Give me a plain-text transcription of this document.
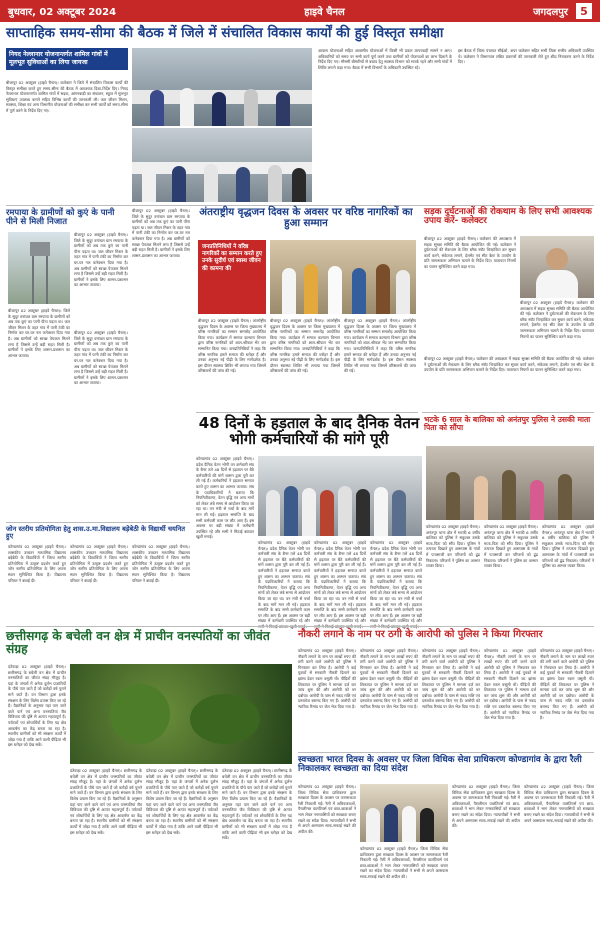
बुधवार, 02 अक्टूबर 2024	हाइवे चैनल	जगदलपुर	5
साप्ताहिक समय-सीमा की बैठक में जिले में संचालित विकास कार्यों की हुई विस्तृत समीक्षा
नियद नेल्लानार योजनान्तर्गत शामिल गांवों में मूलभूत सुविधाओं का लिया जायजा
बीजापुर 02 अक्टूबर (हाइवे चैनल)। कलेक्टर ने जिले में संचालित विकास कार्यों की विस्तृत समीक्षा करते हुए समय-सीमा की बैठक में आवश्यक दिशा-निर्देश दिए। नियद नेल्लानार योजनान्तर्गत शामिल गांवों में सड़क, आंगनबाड़ी का संचालन, स्कूल में मूलभूत सुविधाएं उपलब्ध कराने सहित विभिन्न कार्यों की जानकारी ली। जल जीवन मिशन, स्वास्थ्य, शिक्षा एवं अन्य विभागीय योजनाओं की समीक्षा कर सभी कार्यों को समय-सीमा में पूर्ण करने के निर्देश दिए गए।
आवास योजनाओं सहित आवासीय योजनाओं में किसी भी प्रकार लापरवाही सामने न आए। अधिकारियों को समय पर सभी कार्य पूर्ण करने तथा ग्रामीणों को योजनाओं का लाभ दिलाने के निर्देश दिए गए। मौसमी बीमारियों से बचाव हेतु स्वास्थ्य विभाग को सतर्क रहने और सभी गांवों में शिविर लगाने कहा गया। बैठक में सभी विभागों के अधिकारी उपस्थित रहे।
इस बैठक में जिला पंचायत सीईओ, अपर कलेक्टर सहित सभी जिला स्तरीय अधिकारी उपस्थित थे। कलेक्टर ने विभागवार लंबित प्रकरणों की जानकारी लेते हुए शीघ्र निराकरण करने के निर्देश दिए।
रमपाया के ग्रामीणों को कुएं के पानी पीने से मिली निजात
बीजापुर 02 अक्टूबर (हाइवे चैनल)। जिले के सुदूर वनांचल ग्राम रमपाया के ग्रामीणों को अब तक कुएं का पानी पीना पड़ता था। जल जीवन मिशन के तहत गांव में पानी टंकी का निर्माण कर घर-घर नल कनेक्शन दिया गया है। अब ग्रामीणों को स्वच्छ पेयजल मिलने लगा है जिससे उन्हें बड़ी राहत मिली है। ग्रामीणों ने इसके लिए शासन-प्रशासन का आभार जताया।
बीजापुर 02 अक्टूबर (हाइवे चैनल)। जिले के सुदूर वनांचल ग्राम रमपाया के ग्रामीणों को अब तक कुएं का पानी पीना पड़ता था। जल जीवन मिशन के तहत गांव में पानी टंकी का निर्माण कर घर-घर नल कनेक्शन दिया गया है। अब ग्रामीणों को स्वच्छ पेयजल मिलने लगा है जिससे उन्हें बड़ी राहत मिली है। ग्रामीणों ने इसके लिए शासन-प्रशासन का आभार जताया।
बीजापुर 02 अक्टूबर (हाइवे चैनल)। जिले के सुदूर वनांचल ग्राम रमपाया के ग्रामीणों को अब तक कुएं का पानी पीना पड़ता था। जल जीवन मिशन के तहत गांव में पानी टंकी का निर्माण कर घर-घर नल कनेक्शन दिया गया है। अब ग्रामीणों को स्वच्छ पेयजल मिलने लगा है जिससे उन्हें बड़ी राहत मिली है। ग्रामीणों ने इसके लिए शासन-प्रशासन का आभार जताया।
बीजापुर 02 अक्टूबर (हाइवे चैनल)। जिले के सुदूर वनांचल ग्राम रमपाया के ग्रामीणों को अब तक कुएं का पानी पीना पड़ता था। जल जीवन मिशन के तहत गांव में पानी टंकी का निर्माण कर घर-घर नल कनेक्शन दिया गया है। अब ग्रामीणों को स्वच्छ पेयजल मिलने लगा है जिससे उन्हें बड़ी राहत मिली है। ग्रामीणों ने इसके लिए शासन-प्रशासन का आभार जताया।
जोन स्तरीय प्रतियोगिता हेतु शास.उ.मा.विद्यालय बड़ेबेठी के विद्यार्थी चयनित हुए
कोण्डागांव 02 अक्टूबर (हाइवे चैनल)। शासकीय उच्चतर माध्यमिक विद्यालय बड़ेबेठी के विद्यार्थियों ने जिला स्तरीय प्रतियोगिता में उत्कृष्ट प्रदर्शन करते हुए जोन स्तरीय प्रतियोगिता के लिए अपना स्थान सुनिश्चित किया है। विद्यालय परिवार ने बधाई दी।
कोण्डागांव 02 अक्टूबर (हाइवे चैनल)। शासकीय उच्चतर माध्यमिक विद्यालय बड़ेबेठी के विद्यार्थियों ने जिला स्तरीय प्रतियोगिता में उत्कृष्ट प्रदर्शन करते हुए जोन स्तरीय प्रतियोगिता के लिए अपना स्थान सुनिश्चित किया है। विद्यालय परिवार ने बधाई दी।
कोण्डागांव 02 अक्टूबर (हाइवे चैनल)। शासकीय उच्चतर माध्यमिक विद्यालय बड़ेबेठी के विद्यार्थियों ने जिला स्तरीय प्रतियोगिता में उत्कृष्ट प्रदर्शन करते हुए जोन स्तरीय प्रतियोगिता के लिए अपना स्थान सुनिश्चित किया है। विद्यालय परिवार ने बधाई दी।
अंतराष्ट्रीय वृद्धजन दिवस के अवसर पर वरिष्ठ नागरिकों का हुआ सम्मान
जनप्रतिनिधियों ने वरिष्ठ नागरिकों का सम्मान करते हुए उनके सुदीर्घ एवं स्वस्थ जीवन की कामना की
बीजापुर 02 अक्टूबर (हाइवे चैनल)। अंतर्राष्ट्रीय वृद्धजन दिवस के अवसर पर जिला मुख्यालय में वरिष्ठ नागरिकों का सम्मान समारोह आयोजित किया गया। कार्यक्रम में समाज कल्याण विभाग द्वारा वरिष्ठ नागरिकों को शाल-श्रीफल भेंट कर सम्मानित किया गया। जनप्रतिनिधियों ने कहा कि वरिष्ठ नागरिक हमारे समाज की धरोहर हैं और उनका अनुभव नई पीढ़ी के लिए मार्गदर्शक है। इस दौरान स्वास्थ्य शिविर भी लगाया गया जिसमें वरिष्ठजनों की जांच की गई।
बीजापुर 02 अक्टूबर (हाइवे चैनल)। अंतर्राष्ट्रीय वृद्धजन दिवस के अवसर पर जिला मुख्यालय में वरिष्ठ नागरिकों का सम्मान समारोह आयोजित किया गया। कार्यक्रम में समाज कल्याण विभाग द्वारा वरिष्ठ नागरिकों को शाल-श्रीफल भेंट कर सम्मानित किया गया। जनप्रतिनिधियों ने कहा कि वरिष्ठ नागरिक हमारे समाज की धरोहर हैं और उनका अनुभव नई पीढ़ी के लिए मार्गदर्शक है। इस दौरान स्वास्थ्य शिविर भी लगाया गया जिसमें वरिष्ठजनों की जांच की गई।
बीजापुर 02 अक्टूबर (हाइवे चैनल)। अंतर्राष्ट्रीय वृद्धजन दिवस के अवसर पर जिला मुख्यालय में वरिष्ठ नागरिकों का सम्मान समारोह आयोजित किया गया। कार्यक्रम में समाज कल्याण विभाग द्वारा वरिष्ठ नागरिकों को शाल-श्रीफल भेंट कर सम्मानित किया गया। जनप्रतिनिधियों ने कहा कि वरिष्ठ नागरिक हमारे समाज की धरोहर हैं और उनका अनुभव नई पीढ़ी के लिए मार्गदर्शक है। इस दौरान स्वास्थ्य शिविर भी लगाया गया जिसमें वरिष्ठजनों की जांच की गई।
सड़क दुर्घटनाओं की रोकथाम के लिए सभी आवश्यक उपाय करें- कलेक्टर
बीजापुर 02 अक्टूबर (हाइवे चैनल)। कलेक्टर की अध्यक्षता में सड़क सुरक्षा समिति की बैठक आयोजित की गई। कलेक्टर ने दुर्घटनाओं की रोकथाम के लिए ब्लैक स्पॉट चिन्हांकित कर सुधार कार्य करने, संकेतक लगाने, हेलमेट एवं सीट बेल्ट के उपयोग के प्रति जागरूकता अभियान चलाने के निर्देश दिए। यातायात नियमों का पालन सुनिश्चित करने कहा गया।
बीजापुर 02 अक्टूबर (हाइवे चैनल)। कलेक्टर की अध्यक्षता में सड़क सुरक्षा समिति की बैठक आयोजित की गई। कलेक्टर ने दुर्घटनाओं की रोकथाम के लिए ब्लैक स्पॉट चिन्हांकित कर सुधार कार्य करने, संकेतक लगाने, हेलमेट एवं सीट बेल्ट के उपयोग के प्रति जागरूकता अभियान चलाने के निर्देश दिए। यातायात नियमों का पालन सुनिश्चित करने कहा गया।
बीजापुर 02 अक्टूबर (हाइवे चैनल)। कलेक्टर की अध्यक्षता में सड़क सुरक्षा समिति की बैठक आयोजित की गई। कलेक्टर ने दुर्घटनाओं की रोकथाम के लिए ब्लैक स्पॉट चिन्हांकित कर सुधार कार्य करने, संकेतक लगाने, हेलमेट एवं सीट बेल्ट के उपयोग के प्रति जागरूकता अभियान चलाने के निर्देश दिए। यातायात नियमों का पालन सुनिश्चित करने कहा गया।
भटके 6 साल के बालिका को अनंतपुर पुलिस ने उसकी माता पिता को सौंपा
48 दिनों के हड़ताल के बाद दैनिक वेतन भोगी कर्मचारियों की मांगे पूरी
कोण्डागांव 02 अक्टूबर (हाइवे चैनल)। प्रदेश दैनिक वेतन भोगी वन कर्मचारी संघ के बैनर तले 48 दिनों से हड़ताल पर बैठे कर्मचारियों की मांगें शासन द्वारा पूरी कर ली गई हैं। कर्मचारियों ने हड़ताल समाप्त करते हुए शासन का आभार जताया। संघ के पदाधिकारियों ने बताया कि नियमितीकरण, वेतन वृद्धि एवं अन्य मांगों को लेकर लंबे समय से आंदोलन किया जा रहा था। वन मंत्री से चर्चा के बाद मांगें मान ली गईं। हड़ताल समाप्ति के बाद सभी कर्मचारी काम पर लौट आए हैं। इस अवसर पर बड़ी संख्या में कर्मचारी उपस्थित रहे और सभी ने मिठाई बांटकर खुशी मनाई।
कोण्डागांव 02 अक्टूबर (हाइवे चैनल)। प्रदेश दैनिक वेतन भोगी वन कर्मचारी संघ के बैनर तले 48 दिनों से हड़ताल पर बैठे कर्मचारियों की मांगें शासन द्वारा पूरी कर ली गई हैं। कर्मचारियों ने हड़ताल समाप्त करते हुए शासन का आभार जताया। संघ के पदाधिकारियों ने बताया कि नियमितीकरण, वेतन वृद्धि एवं अन्य मांगों को लेकर लंबे समय से आंदोलन किया जा रहा था। वन मंत्री से चर्चा के बाद मांगें मान ली गईं। हड़ताल समाप्ति के बाद सभी कर्मचारी काम पर लौट आए हैं। इस अवसर पर बड़ी संख्या में कर्मचारी उपस्थित रहे और
कोण्डागांव 02 अक्टूबर (हाइवे चैनल)। प्रदेश दैनिक वेतन भोगी वन कर्मचारी संघ के बैनर तले 48 दिनों से हड़ताल पर बैठे कर्मचारियों की मांगें शासन द्वारा पूरी कर ली गई हैं। कर्मचारियों ने हड़ताल समाप्त करते हुए शासन का आभार जताया। संघ के पदाधिकारियों ने बताया कि नियमितीकरण, वेतन वृद्धि एवं अन्य मांगों को लेकर लंबे समय से आंदोलन किया जा रहा था। वन मंत्री से चर्चा के बाद मांगें मान ली गईं। हड़ताल समाप्ति के बाद सभी कर्मचारी काम पर लौट आए हैं। इस अवसर पर बड़ी संख्या में कर्मचारी उपस्थित रहे और
कोण्डागांव 02 अक्टूबर (हाइवे चैनल)। प्रदेश दैनिक वेतन भोगी वन कर्मचारी संघ के बैनर तले 48 दिनों से हड़ताल पर बैठे कर्मचारियों की मांगें शासन द्वारा पूरी कर ली गई हैं। कर्मचारियों ने हड़ताल समाप्त करते हुए शासन का आभार जताया। संघ के पदाधिकारियों ने बताया कि नियमितीकरण, वेतन वृद्धि एवं अन्य मांगों को लेकर लंबे समय से आंदोलन किया जा रहा था। वन मंत्री से चर्चा के बाद मांगें मान ली गईं। हड़ताल समाप्ति के बाद सभी कर्मचारी काम पर लौट आए हैं। इस अवसर पर बड़ी संख्या में कर्मचारी उपस्थित रहे और
कोण्डागांव 02 अक्टूबर (हाइवे चैनल)। अनंतपुर थाना क्षेत्र में भटकी 6 वर्षीय बालिका को पुलिस ने सकुशल उसके माता-पिता को सौंप दिया। पुलिस ने तत्परता दिखाते हुए आसपास के गांवों में पतासाजी कर परिजनों को ढूंढ निकाला। परिजनों ने पुलिस का आभार व्यक्त किया।
कोण्डागांव 02 अक्टूबर (हाइवे चैनल)। अनंतपुर थाना क्षेत्र में भटकी 6 वर्षीय बालिका को पुलिस ने सकुशल उसके माता-पिता को सौंप दिया। पुलिस ने तत्परता दिखाते हुए आसपास के गांवों में पतासाजी कर परिजनों को ढूंढ निकाला। परिजनों ने पुलिस का आभार व्यक्त किया।
कोण्डागांव 02 अक्टूबर (हाइवे चैनल)। अनंतपुर थाना क्षेत्र में भटकी 6 वर्षीय बालिका को पुलिस ने सकुशल उसके माता-पिता को सौंप दिया। पुलिस ने तत्परता दिखाते हुए आसपास के गांवों में पतासाजी कर परिजनों को ढूंढ निकाला। परिजनों ने पुलिस का आभार व्यक्त किया।
छत्तीसगढ़ के बचेली वन क्षेत्र में प्राचीन वनस्पतियों का जीवंत संग्रह
दंतेवाड़ा 02 अक्टूबर (हाइवे चैनल)। छत्तीसगढ़ के बचेली वन क्षेत्र में प्राचीन वनस्पतियों का जीवंत संग्रह मौजूद है। यहां के जंगलों में अनेक दुर्लभ प्रजातियों के पौधे पाए जाते हैं जो करोड़ों वर्ष पुराने माने जाते हैं। वन विभाग द्वारा इनके संरक्षण के लिए विशेष प्रयास किए जा रहे हैं। वैज्ञानिकों के अनुसार यहां पाए जाने वाले फर्न एवं अन्य वनस्पतियां जैव विविधता की दृष्टि से अत्यंत महत्वपूर्ण हैं। पर्यटकों एवं शोधार्थियों के लिए यह क्षेत्र आकर्षण का केंद्र बनता जा रहा है। स्थानीय ग्रामीणों को भी संरक्षण कार्यों में जोड़ा गया है ताकि आने वाली पीढ़ियां भी इस धरोहर को देख सकें।
दंतेवाड़ा 02 अक्टूबर (हाइवे चैनल)। छत्तीसगढ़ के बचेली वन क्षेत्र में प्राचीन वनस्पतियों का जीवंत संग्रह मौजूद है। यहां के जंगलों में अनेक दुर्लभ प्रजातियों के पौधे पाए जाते हैं जो करोड़ों वर्ष पुराने माने जाते हैं। वन विभाग द्वारा इनके संरक्षण के लिए विशेष प्रयास किए जा रहे हैं। वैज्ञानिकों के अनुसार यहां पाए जाने वाले फर्न एवं अन्य वनस्पतियां जैव विविधता की दृष्टि से अत्यंत महत्वपूर्ण हैं। पर्यटकों एवं शोधार्थियों के लिए यह क्षेत्र आकर्षण का केंद्र बनता जा रहा है। स्थानीय ग्रामीणों को भी संरक्षण कार्यों में जोड़ा गया है ताकि आने वाली पीढ़ियां भी इस धरोहर को देख सकें।
दंतेवाड़ा 02 अक्टूबर (हाइवे चैनल)। छत्तीसगढ़ के बचेली वन क्षेत्र में प्राचीन वनस्पतियों का जीवंत संग्रह मौजूद है। यहां के जंगलों में अनेक दुर्लभ प्रजातियों के पौधे पाए जाते हैं जो करोड़ों वर्ष पुराने माने जाते हैं। वन विभाग द्वारा इनके संरक्षण के लिए विशेष प्रयास किए जा रहे हैं। वैज्ञानिकों के अनुसार यहां पाए जाने वाले फर्न एवं अन्य वनस्पतियां जैव विविधता की दृष्टि से अत्यंत महत्वपूर्ण हैं। पर्यटकों एवं शोधार्थियों के लिए यह क्षेत्र आकर्षण का केंद्र बनता जा रहा है। स्थानीय ग्रामीणों को भी संरक्षण कार्यों में जोड़ा गया है ताकि आने वाली पीढ़ियां भी इस धरोहर को देख सकें।
दंतेवाड़ा 02 अक्टूबर (हाइवे चैनल)। छत्तीसगढ़ के बचेली वन क्षेत्र में प्राचीन वनस्पतियों का जीवंत संग्रह मौजूद है। यहां के जंगलों में अनेक दुर्लभ प्रजातियों के पौधे पाए जाते हैं जो करोड़ों वर्ष पुराने माने जाते हैं। वन विभाग द्वारा इनके संरक्षण के लिए विशेष प्रयास किए जा रहे हैं। वैज्ञानिकों के अनुसार यहां पाए जाने वाले फर्न एवं अन्य वनस्पतियां जैव विविधता की दृष्टि से अत्यंत महत्वपूर्ण हैं। पर्यटकों एवं शोधार्थियों के लिए यह क्षेत्र आकर्षण का केंद्र बनता जा रहा है। स्थानीय ग्रामीणों को भी संरक्षण कार्यों में जोड़ा गया है ताकि आने वाली पीढ़ियां भी इस धरोहर को देख सकें।
नौकरी लगाने के नाम पर ठगी के आरोपी को पुलिस ने किया गिरफ्तार
कोण्डागांव 02 अक्टूबर (हाइवे चैनल)। नौकरी लगाने के नाम पर लाखों रुपए की ठगी करने वाले आरोपी को पुलिस ने गिरफ्तार कर लिया है। आरोपी ने कई युवकों से सरकारी नौकरी दिलाने का झांसा देकर रकम वसूली थी। पीड़ितों की शिकायत पर पुलिस ने मामला दर्ज कर जांच शुरू की और आरोपी को धर दबोचा। आरोपी के पास से नकद राशि एवं दस्तावेज बरामद किए गए हैं। आरोपी को न्यायिक रिमांड पर जेल भेज दिया गया है।
कोण्डागांव 02 अक्टूबर (हाइवे चैनल)। नौकरी लगाने के नाम पर लाखों रुपए की ठगी करने वाले आरोपी को पुलिस ने गिरफ्तार कर लिया है। आरोपी ने कई युवकों से सरकारी नौकरी दिलाने का झांसा देकर रकम वसूली थी। पीड़ितों की शिकायत पर पुलिस ने मामला दर्ज कर जांच शुरू की और आरोपी को धर दबोचा। आरोपी के पास से नकद राशि एवं दस्तावेज बरामद किए गए हैं। आरोपी को न्यायिक रिमांड पर जेल भेज दिया गया है।
कोण्डागांव 02 अक्टूबर (हाइवे चैनल)। नौकरी लगाने के नाम पर लाखों रुपए की ठगी करने वाले आरोपी को पुलिस ने गिरफ्तार कर लिया है। आरोपी ने कई युवकों से सरकारी नौकरी दिलाने का झांसा देकर रकम वसूली थी। पीड़ितों की शिकायत पर पुलिस ने मामला दर्ज कर जांच शुरू की और आरोपी को धर दबोचा। आरोपी के पास से नकद राशि एवं दस्तावेज बरामद किए गए हैं। आरोपी को न्यायिक रिमांड पर जेल भेज दिया गया है।
कोण्डागांव 02 अक्टूबर (हाइवे चैनल)। नौकरी लगाने के नाम पर लाखों रुपए की ठगी करने वाले आरोपी को पुलिस ने गिरफ्तार कर लिया है। आरोपी ने कई युवकों से सरकारी नौकरी दिलाने का झांसा देकर रकम वसूली थी। पीड़ितों की शिकायत पर पुलिस ने मामला दर्ज कर जांच शुरू की और आरोपी को धर दबोचा। आरोपी के पास से नकद राशि एवं दस्तावेज बरामद किए गए हैं। आरोपी को न्यायिक रिमांड पर जेल भेज दिया गया है।
कोण्डागांव 02 अक्टूबर (हाइवे चैनल)। नौकरी लगाने के नाम पर लाखों रुपए की ठगी करने वाले आरोपी को पुलिस ने गिरफ्तार कर लिया है। आरोपी ने कई युवकों से सरकारी नौकरी दिलाने का झांसा देकर रकम वसूली थी। पीड़ितों की शिकायत पर पुलिस ने मामला दर्ज कर जांच शुरू की और आरोपी को धर दबोचा। आरोपी के पास से नकद राशि एवं दस्तावेज बरामद किए गए हैं। आरोपी को न्यायिक रिमांड पर जेल भेज दिया गया है।
स्वच्छता भारत दिवस के अवसर पर जिला विधिक सेवा प्राधिकरण कोण्डागांव के द्वारा रैली निकालकर स्वच्छता का दिया संदेश
कोण्डागांव 02 अक्टूबर (हाइवे चैनल)। जिला विधिक सेवा प्राधिकरण द्वारा स्वच्छता दिवस के अवसर पर जागरूकता रैली निकाली गई। रैली में अधिवक्ताओं, पैरालीगल वालंटियर्स एवं छात्र-छात्राओं ने भाग लेकर नगरवासियों को स्वच्छता बनाए रखने का संदेश दिया। न्यायाधीशों ने सभी से अपने आसपास साफ-सफाई रखने की अपील की।
कोण्डागांव 02 अक्टूबर (हाइवे चैनल)। जिला विधिक सेवा प्राधिकरण द्वारा स्वच्छता दिवस के अवसर पर जागरूकता रैली निकाली गई। रैली में अधिवक्ताओं, पैरालीगल वालंटियर्स एवं छात्र-छात्राओं ने भाग लेकर नगरवासियों को स्वच्छता बनाए रखने का संदेश दिया। न्यायाधीशों ने सभी से अपने आसपास साफ-सफाई रखने की अपील की।
कोण्डागांव 02 अक्टूबर (हाइवे चैनल)। जिला विधिक सेवा प्राधिकरण द्वारा स्वच्छता दिवस के अवसर पर जागरूकता रैली निकाली गई। रैली में अधिवक्ताओं, पैरालीगल वालंटियर्स एवं छात्र-छात्राओं ने भाग लेकर नगरवासियों को स्वच्छता बनाए रखने का संदेश दिया। न्यायाधीशों ने सभी से अपने आसपास साफ-सफाई रखने की अपील की।
कोण्डागांव 02 अक्टूबर (हाइवे चैनल)। जिला विधिक सेवा प्राधिकरण द्वारा स्वच्छता दिवस के अवसर पर जागरूकता रैली निकाली गई। रैली में अधिवक्ताओं, पैरालीगल वालंटियर्स एवं छात्र-छात्राओं ने भाग लेकर नगरवासियों को स्वच्छता बनाए रखने का संदेश दिया। न्यायाधीशों ने सभी से अपने आसपास साफ-सफाई रखने की अपील की।
